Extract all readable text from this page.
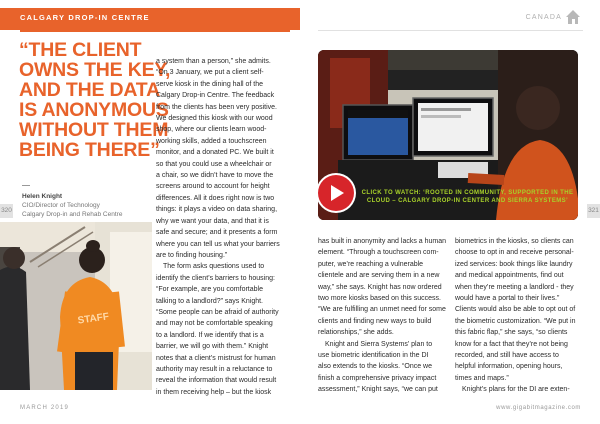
CALGARY DROP-IN CENTRE	CANADA
“THE CLIENT
OWNS THE KEY,
AND THE DATA
IS ANONYMOUS
WITHOUT THEM
BEING THERE”
Helen Knight
CIO/Director of Technology
Calgary Drop-in and Rehab Centre
320	321
a system than a person,” she admits.
“On 3 January, we put a client self-
serve kiosk in the dining hall of the
Calgary Drop-in Centre. The feedback
from the clients has been very positive.
We designed this kiosk with our wood
shop, where our clients learn wood-
working skills, added a touchscreen
monitor, and a donated PC. We built it
so that you could use a wheelchair or
a chair, so we didn’t have to move the
screens around to account for height
differences. All it does right now is two
things: it plays a video on data sharing,
why we want your data, and that it is
safe and secure; and it presents a form
where you can tell us what your barriers
are to finding housing.”
The form asks questions used to
identify the client’s barriers to housing:
“For example, are you comfortable
talking to a landlord?” says Knight.
“Some people can be afraid of authority
and may not be comfortable speaking
to a landlord. If we identify that is a
barrier, we will go with them.” Knight
notes that a client’s mistrust for human
authority may result in a reluctance to
reveal the information that would result
in them receiving help – but the kiosk
STAFF
CLICK TO WATCH: ‘ROOTED IN COMMUNITY, SUPPORTED IN THE
CLOUD – CALGARY DROP-IN CENTER AND SIERRA SYSTEMS’
has built in anonymity and lacks a human
element. “Through a touchscreen com-
puter, we’re reaching a vulnerable
clientele and are serving them in a new
way,” she says. Knight has now ordered
two more kiosks based on this success.
“We are fulfilling an unmet need for some
clients and finding new ways to build
relationships,” she adds.
Knight and Sierra Systems’ plan to
use biometric identification in the DI
also extends to the kiosks. “Once we
finish a comprehensive privacy impact
assessment,” Knight says, “we can put
biometrics in the kiosks, so clients can
choose to opt in and receive personal-
ized services: book things like laundry
and medical appointments, find out
when they’re meeting a landlord - they
would have a portal to their lives.”
Clients would also be able to opt out of
the biometric customization. “We put in
this fabric flap,” she says, “so clients
know for a fact that they’re not being
recorded, and still have access to
helpful information, opening hours,
times and maps.”
Knight’s plans for the DI are exten-
MARCH 2019	www.gigabitmagazine.com
